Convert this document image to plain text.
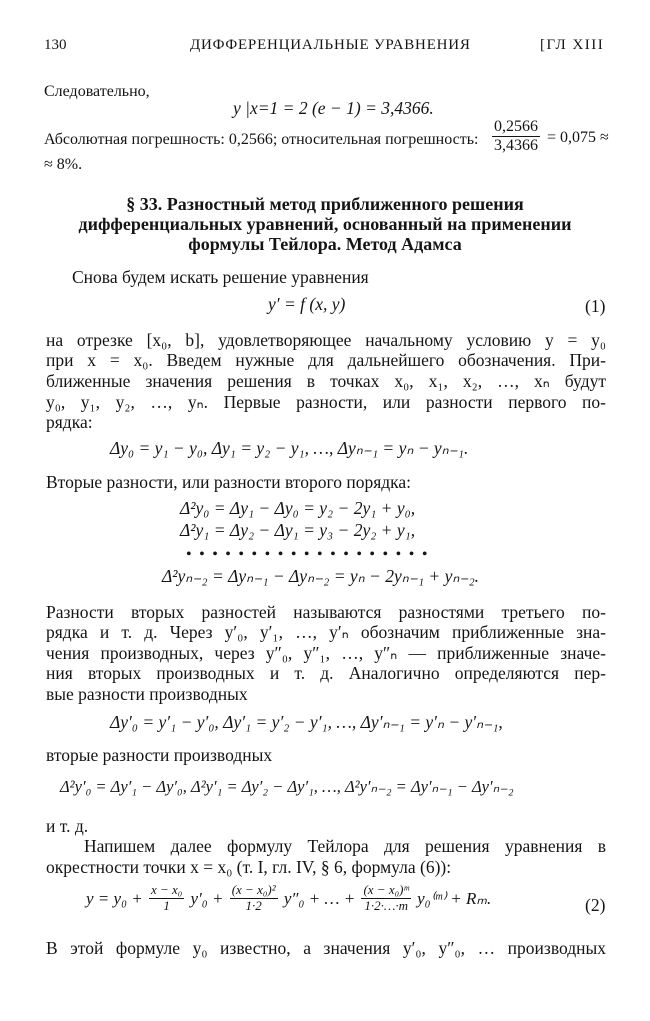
130	ДИФФЕРЕНЦИАЛЬНЫЕ УРАВНЕНИЯ	[ГЛ XIII
Следовательно,
y |x=1 = 2 (e − 1) = 3,4366.
Абсолютная погрешность: 0,2566; относительная погрешность: $\frac{0,2566}{3,4366} = 0,075$ ≈
≈ 8%.
§ 33. Разностный метод приближенного решения
дифференциальных уравнений, основанный на применении
формулы Тейлора. Метод Адамса
Снова будем искать решение уравнения
y′ = f (x, y)	(1)
на отрезке [x₀, b], удовлетворяющее начальному условию y = y₀
при x = x₀. Введем нужные для дальнейшего обозначения. При-
ближенные значения решения в точках x₀, x₁, x₂, …, xₙ будут
y₀, y₁, y₂, …, yₙ. Первые разности, или разности первого по-
рядка:
Δy₀ = y₁ − y₀, Δy₁ = y₂ − y₁, …, Δyₙ₋₁ = yₙ − yₙ₋₁.
Вторые разности, или разности второго порядка:
Δ²y₀ = Δy₁ − Δy₀ = y₂ − 2y₁ + y₀,
Δ²y₁ = Δy₂ − Δy₁ = y₃ − 2y₂ + y₁,
•••••••••••••••••••
Δ²yₙ₋₂ = Δyₙ₋₁ − Δyₙ₋₂ = yₙ − 2yₙ₋₁ + yₙ₋₂.
Разности вторых разностей называются разностями третьего по-
рядка и т. д. Через y′₀, y′₁, …, y′ₙ обозначим приближенные зна-
чения производных, через y″₀, y″₁, …, y″ₙ — приближенные значе-
ния вторых производных и т. д. Аналогично определяются пер-
вые разности производных
Δy′₀ = y′₁ − y′₀, Δy′₁ = y′₂ − y′₁, …, Δy′ₙ₋₁ = y′ₙ − y′ₙ₋₁,
вторые разности производных
Δ²y′₀ = Δy′₁ − Δy′₀, Δ²y′₁ = Δy′₂ − Δy′₁, …, Δ²y′ₙ₋₂ = Δy′ₙ₋₁ − Δy′ₙ₋₂
и т. д.
Напишем далее формулу Тейлора для решения уравнения в
окрестности точки x = x₀ (т. I, гл. IV, § 6, формула (6)):
$y = y_0 + \frac{\text{x − x₀}}{1} y'_0 + \frac{\text{(x − x₀)²}}{1\cdot 2} y''_0$ + … + $\frac{\text{(x − x₀)ᵐ}}{1\cdot 2\cdot\dots\cdot m}$ y₀⁽ᵐ⁾ + Rₘ.	(2)
В этой формуле y₀ известно, а значения y′₀, y″₀, … производных
